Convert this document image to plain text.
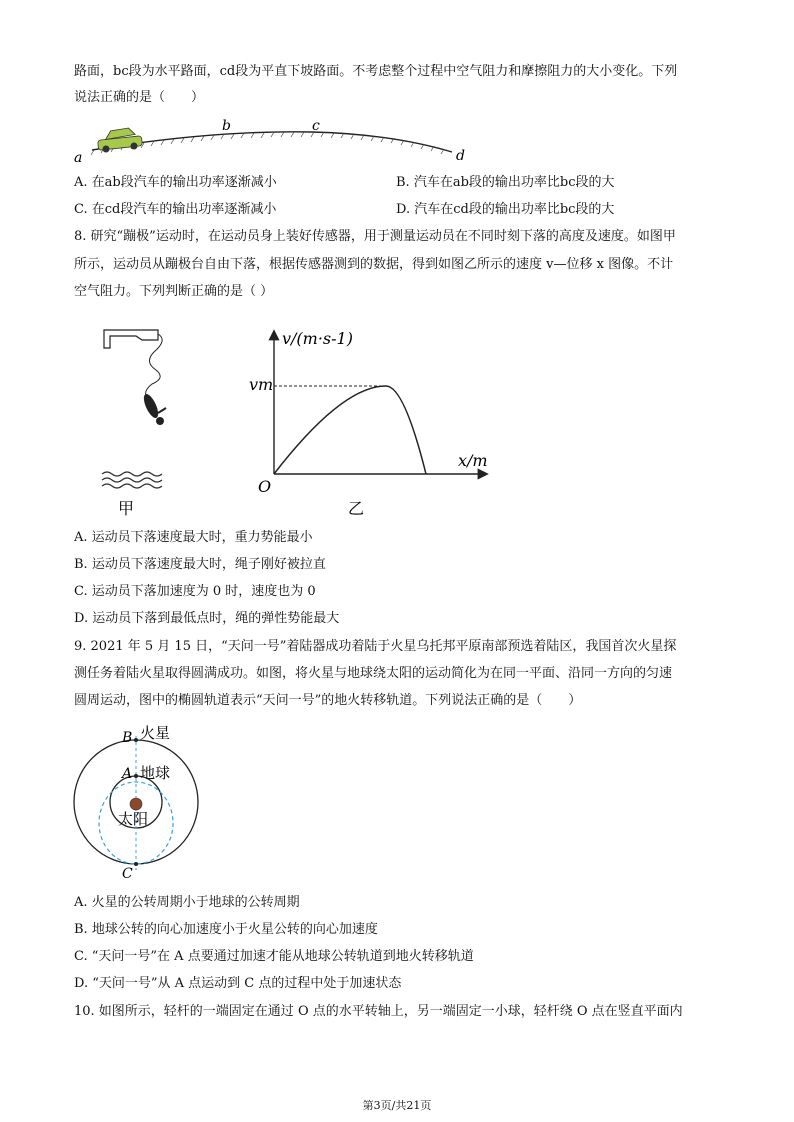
路面，bc段为水平路面，cd段为平直下坡路面。不考虑整个过程中空气阻力和摩擦阻力的大小变化。下列
说法正确的是（　　）
a
b	c
d
A. 在ab段汽车的输出功率逐渐减小	B. 汽车在ab段的输出功率比bc段的大
C. 在cd段汽车的输出功率逐渐减小	D. 汽车在cd段的输出功率比bc段的大
8. 研究“蹦极”运动时，在运动员身上装好传感器，用于测量运动员在不同时刻下落的高度及速度。如图甲
所示，运动员从蹦极台自由下落，根据传感器测到的数据，得到如图乙所示的速度 v—位移 x 图像。不计
空气阻力。下列判断正确的是（ ）
甲
v/(m·s-1)
x/m
vm
O
乙
A. 运动员下落速度最大时，重力势能最小
B. 运动员下落速度最大时，绳子刚好被拉直
C. 运动员下落加速度为 0 时，速度也为 0
D. 运动员下落到最低点时，绳的弹性势能最大
9. 2021 年 5 月 15 日，“天问一号”着陆器成功着陆于火星乌托邦平原南部预选着陆区，我国首次火星探
测任务着陆火星取得圆满成功。如图，将火星与地球绕太阳的运动简化为在同一平面、沿同一方向的匀速
圆周运动，图中的椭圆轨道表示“天问一号”的地火转移轨道。下列说法正确的是（　　）
B 火星
A 地球
太阳
C
A. 火星的公转周期小于地球的公转周期
B. 地球公转的向心加速度小于火星公转的向心加速度
C. “天问一号”在 A 点要通过加速才能从地球公转轨道到地火转移轨道
D. “天问一号”从 A 点运动到 C 点的过程中处于加速状态
10. 如图所示，轻杆的一端固定在通过 O 点的水平转轴上，另一端固定一小球，轻杆绕 O 点在竖直平面内
第3页/共21页
